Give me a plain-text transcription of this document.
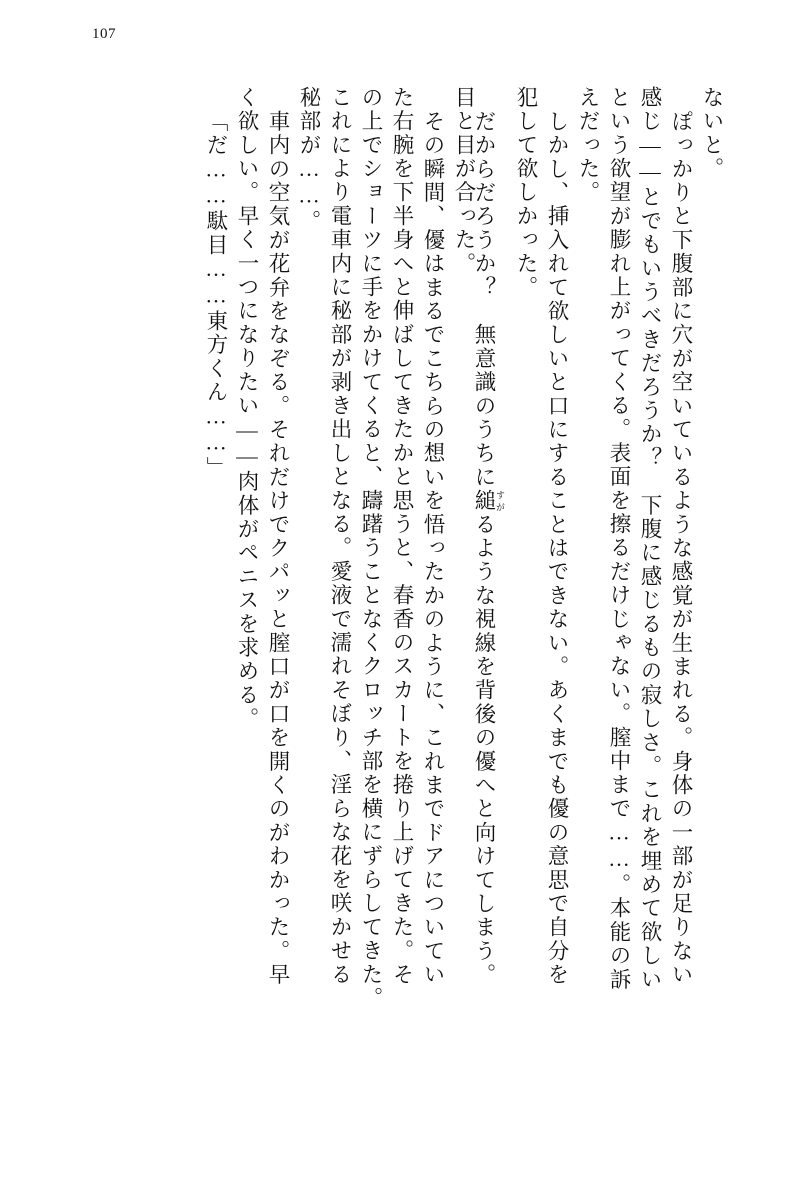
107
ないと。
ぽっかりと下腹部に穴が空いているような感覚が生まれる。身体の一部が足りない
感じ——とでもいうべきだろうか？　下腹に感じるもの寂しさ。これを埋めて欲しい
という欲望が膨れ上がってくる。表面を擦るだけじゃない。膣中まで……。本能の訴
えだった。
しかし、挿入れて欲しいと口にすることはできない。あくまでも優の意思で自分を
犯して欲しかった。
だからだろうか？　無意識のうちに縋 すがるような視線を背後の優へと向けてしまう。
目と目が合った。
その瞬間、優はまるでこちらの想いを悟ったかのように、これまでドアについてい
た右腕を下半身へと伸ばしてきたかと思うと、春香のスカートを捲り上げてきた。そ
の上でショーツに手をかけてくると、躊躇うことなくクロッチ部を横にずらしてきた。
これにより電車内に秘部が剥き出しとなる。愛液で濡れそぼり、淫らな花を咲かせる
秘部が……。
車内の空気が花弁をなぞる。それだけでクパッと膣口が口を開くのがわかった。早
く欲しい。早く一つになりたい——肉体がペニスを求める。
「だ……駄目……東方くん……」
